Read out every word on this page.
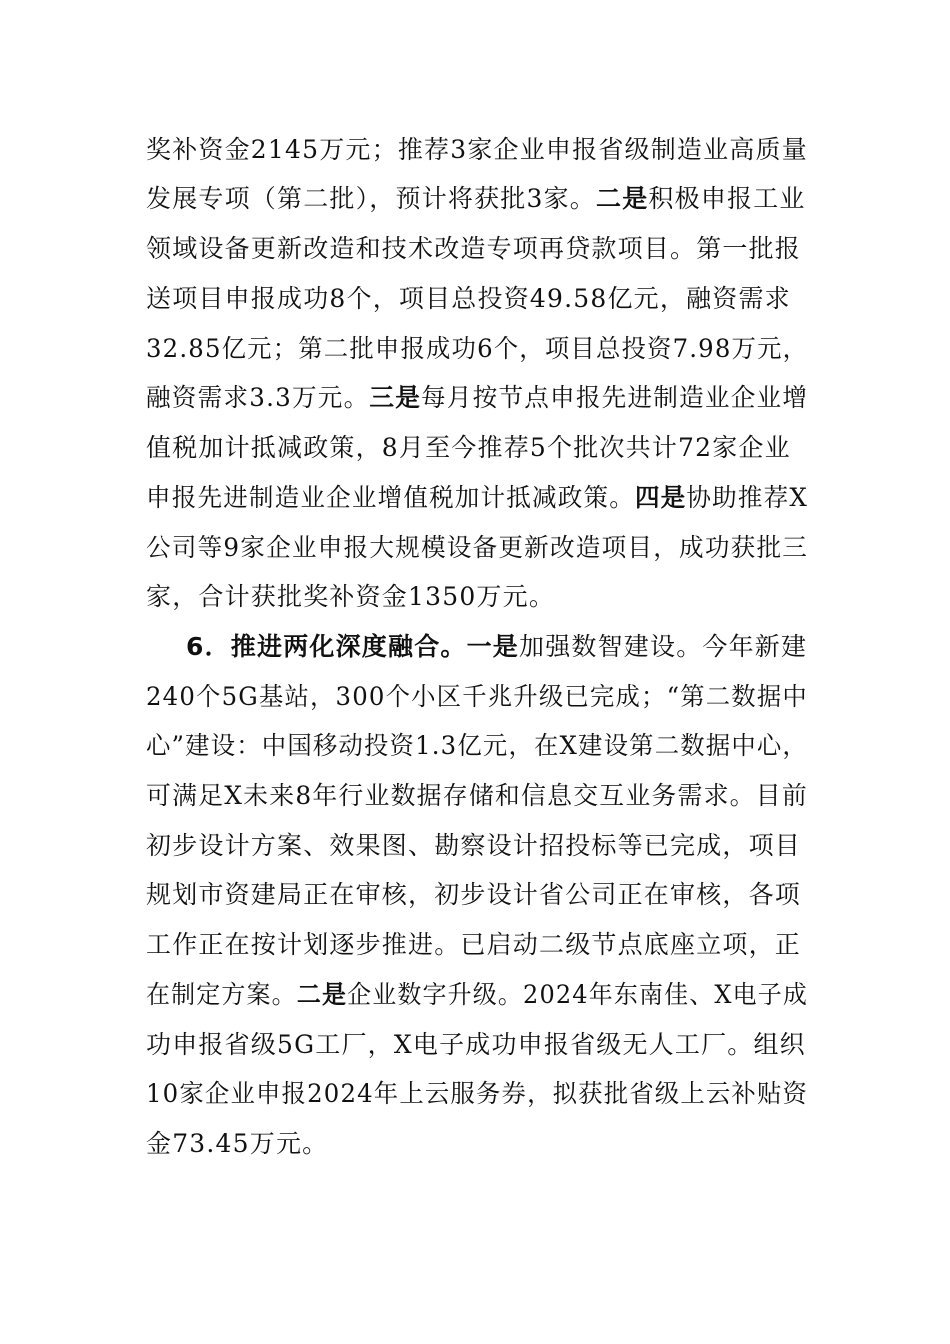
奖补资金2145万元；推荐3家企业申报省级制造业高质量
发展专项（第二批），预计将获批3家。二是积极申报工业
领域设备更新改造和技术改造专项再贷款项目。第一批报
送项目申报成功8个，项目总投资49.58亿元，融资需求
32.85亿元；第二批申报成功6个，项目总投资7.98万元，
融资需求3.3万元。三是每月按节点申报先进制造业企业增
值税加计抵减政策，8月至今推荐5个批次共计72家企业
申报先进制造业企业增值税加计抵减政策。四是协助推荐X
公司等9家企业申报大规模设备更新改造项目，成功获批三
家，合计获批奖补资金1350万元。
6．推进两化深度融合。一是加强数智建设。今年新建
240个5G基站，300个小区千兆升级已完成；“第二数据中
心”建设：中国移动投资1.3亿元，在X建设第二数据中心，
可满足X未来8年行业数据存储和信息交互业务需求。目前
初步设计方案、效果图、勘察设计招投标等已完成，项目
规划市资建局正在审核，初步设计省公司正在审核，各项
工作正在按计划逐步推进。已启动二级节点底座立项，正
在制定方案。二是企业数字升级。2024年东南佳、X电子成
功申报省级5G工厂，X电子成功申报省级无人工厂。组织
10家企业申报2024年上云服务券，拟获批省级上云补贴资
金73.45万元。
